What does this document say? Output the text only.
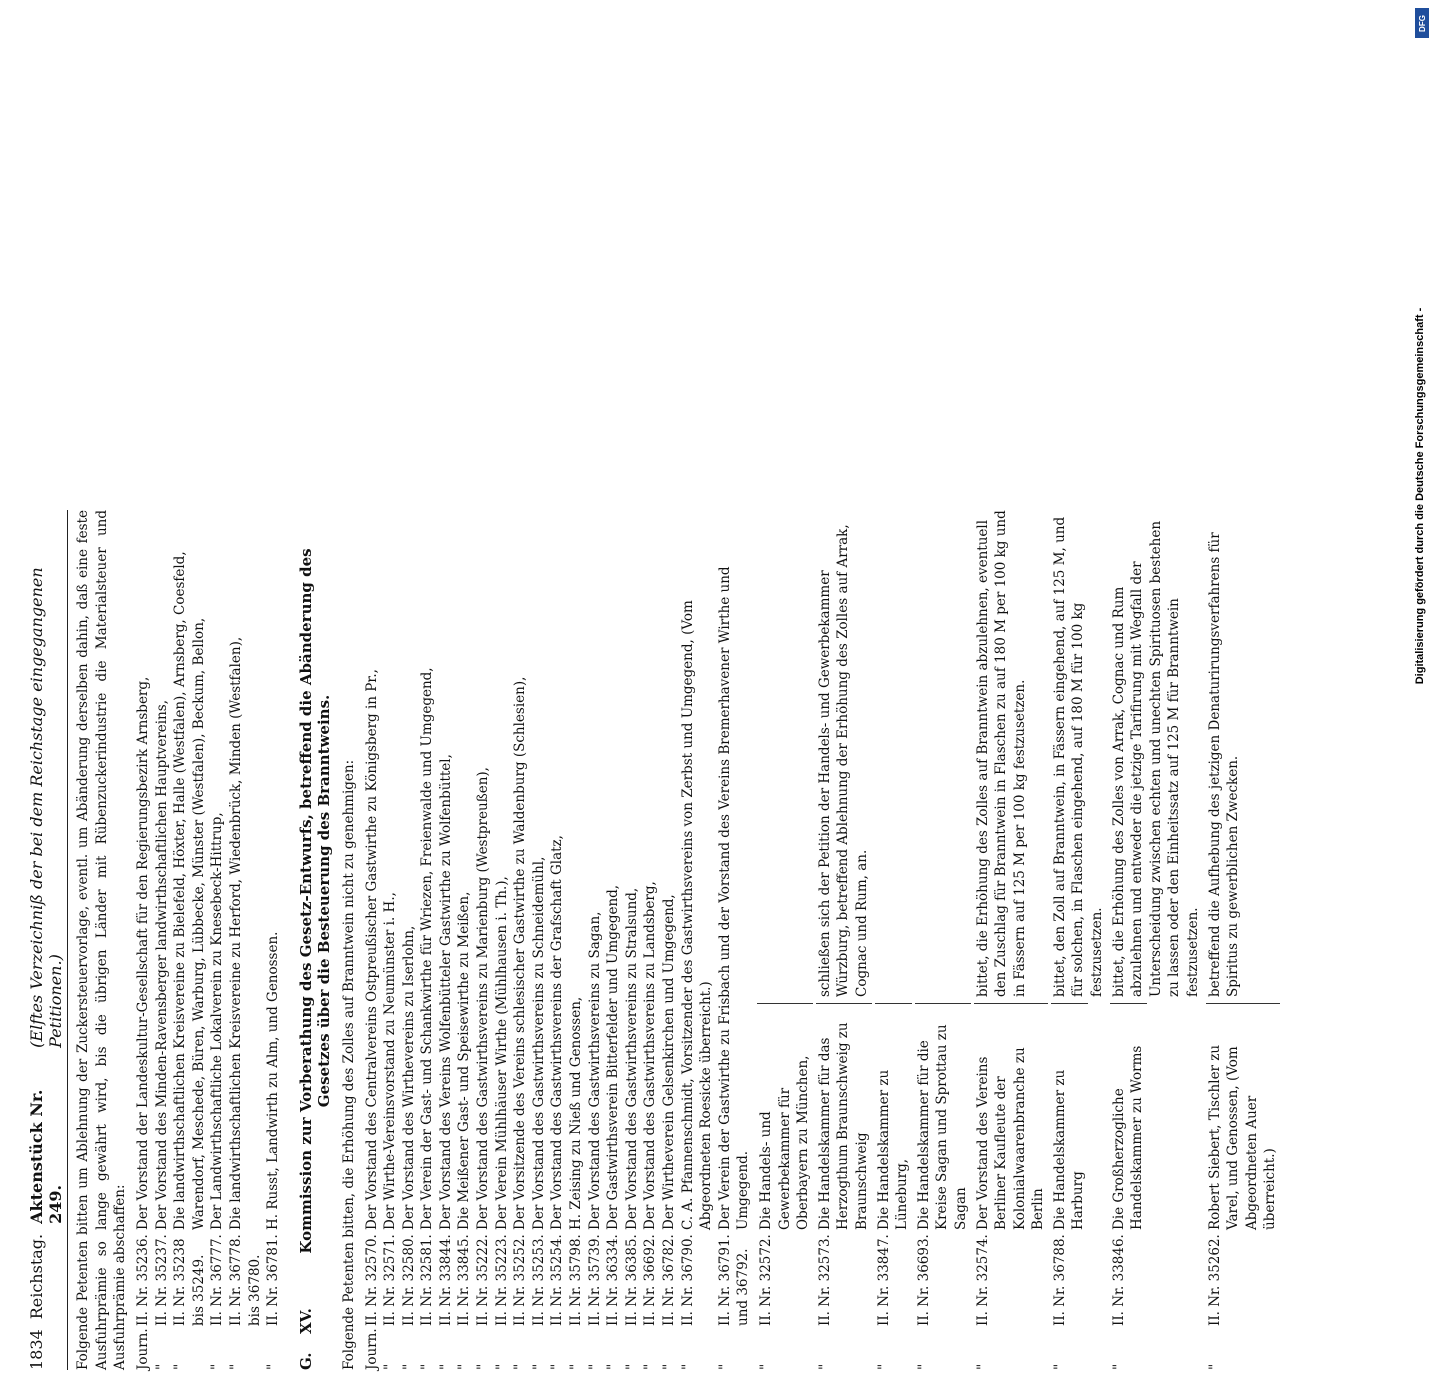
1834
Reichstag.
Aktenstück Nr. 249.
(Elftes Verzeichniß der bei dem Reichstage eingegangenen Petitionen.) Folgende Petenten bitten um Ablehnung der Zuckersteuervorlage, eventl. um Abänderung derselben dahin, daß eine feste Ausfuhrprämie so lange gewährt wird, bis die übrigen Länder mit Rübenzuckerindustrie die Materialsteuer und Ausfuhrprämie abschaffen: Journ.
II. Nr. 35236.
Der Vorstand der Landeskultur-Gesellschaft für den Regierungsbezirk Arnsberg,
"
II. Nr. 35237.
Der Vorstand des Minden-Ravensberger landwirthschaftlichen Hauptvereins,
"
II. Nr. 35238 bis 35249.
Die landwirthschaftlichen Kreisvereine zu Bielefeld, Höxter, Halle (Westfalen), Arnsberg, Coesfeld, Warendorf, Meschede, Büren, Warburg, Lübbecke, Münster (Westfalen), Beckum, Bellon,
"
II. Nr. 36777.
Der Landwirthschaftliche Lokalverein zu Knesebeck-Hittrup,
"
II. Nr. 36778. bis 36780.
Die landwirthschaftlichen Kreisvereine zu Herford, Wiedenbrück, Minden (Westfalen),
"
II. Nr. 36781.
H. Russt, Landwirth zu Alm, und Genossen.
G.
XV.
Kommission zur Vorberathung des Gesetz-Entwurfs, betreffend die Abänderung des Gesetzes über die Besteuerung des Branntweins. Folgende Petenten bitten, die Erhöhung des Zolles auf Branntwein nicht zu genehmigen: Journ.
II. Nr. 32570.
Der Vorstand des Centralvereins Ostpreußischer Gastwirthe zu Königsberg in Pr.,
"
II. Nr. 32571.
Der Wirthe-Vereinsvorstand zu Neumünster i. H.,
"
II. Nr. 32580.
Der Vorstand des Wirthevereins zu Iserlohn,
"
II. Nr. 32581.
Der Verein der Gast- und Schankwirthe für Wriezen, Freienwalde und Umgegend,
"
II. Nr. 33844.
Der Vorstand des Vereins Wolfenbütteler Gastwirthe zu Wolfenbüttel,
"
II. Nr. 33845.
Die Meißener Gast- und Speisewirthe zu Meißen,
"
II. Nr. 35222.
Der Vorstand des Gastwirthsvereins zu Marienburg (Westpreußen),
"
II. Nr. 35223.
Der Verein Mühlhäuser Wirthe (Mühlhausen i. Th.),
"
II. Nr. 35252.
Der Vorsitzende des Vereins schlesischer Gastwirthe zu Waldenburg (Schlesien),
"
II. Nr. 35253.
Der Vorstand des Gastwirthsvereins zu Schneidemühl,
"
II. Nr. 35254.
Der Vorstand des Gastwirthsvereins der Grafschaft Glatz,
"
II. Nr. 35798.
H. Zeising zu Nieß und Genossen,
"
II. Nr. 35739.
Der Vorstand des Gastwirthsvereins zu Sagan,
"
II. Nr. 36334.
Der Gastwirthsverein Bitterfelder und Umgegend,
"
II. Nr. 36385.
Der Vorstand des Gastwirthsvereins zu Stralsund,
"
II. Nr. 36692.
Der Vorstand des Gastwirthsvereins zu Landsberg,
"
II. Nr. 36782.
Der Wirtheverein Gelsenkirchen und Umgegend,
"
II. Nr. 36790.
C. A. Pfannenschmidt, Vorsitzender des Gastwirthsvereins von Zerbst und Umgegend, (Vom Abgeordneten Roesicke überreicht.)
"
II. Nr. 36791. und 36792.
Der Verein der Gastwirthe zu Frisbach und der Vorstand des Vereins Bremerhavener Wirthe und Umgegend.
"
II. Nr. 32572.
Die Handels- und Gewerbekammer für Oberbayern zu München,
"
II. Nr. 32573.
Die Handelskammer für das Herzogthum Braunschweig zu Braunschweig
schließen sich der Petition der Handels- und Gewerbekammer Würzburg, betreffend Ablehnung der Erhöhung des Zolles auf Arrak, Cognac und Rum, an.
"
II. Nr. 33847.
Die Handelskammer zu Lüneburg,
"
II. Nr. 36693.
Die Handelskammer für die Kreise Sagan und Sprottau zu Sagan
"
II. Nr. 32574.
Der Vorstand des Vereins Berliner Kaufleute der Kolonialwaarenbranche zu Berlin
bittet, die Erhöhung des Zolles auf Branntwein abzulehnen, eventuell den Zuschlag für Branntwein in Flaschen zu auf 180 M per 100 kg und in Fässern auf 125 M per 100 kg festzusetzen.
"
II. Nr. 36788.
Die Handelskammer zu Harburg
bittet, den Zoll auf Branntwein, in Fässern eingehend, auf 125 M, und für solchen, in Flaschen eingehend, auf 180 M für 100 kg festzusetzen.
"
II. Nr. 33846.
Die Großherzogliche Handelskammer zu Worms
bittet, die Erhöhung des Zolles von Arrak, Cognac und Rum abzulehnen und entweder die jetzige Tarifirung mit Wegfall der Unterscheidung zwischen echten und unechten Spirituosen bestehen zu lassen oder den Einheitssatz auf 125 M für Branntwein festzusetzen.
"
II. Nr. 35262.
Robert Siebert, Tischler zu Varel, und Genossen, (Vom Abgeordneten Auer überreicht.)
betreffend die Aufhebung des jetzigen Denaturirungsverfahrens für Spiritus zu gewerblichen Zwecken.
DFG
Digitalisierung gefördert durch die Deutsche Forschungsgemeinschaft -
